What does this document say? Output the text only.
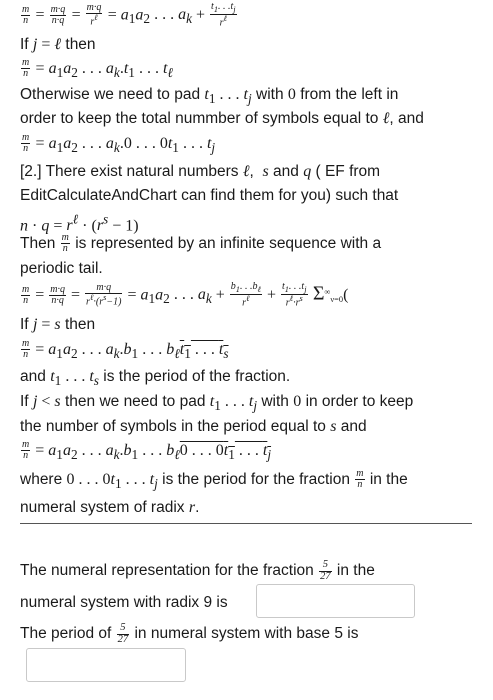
$\frac{m}{n} = \frac{m\cdot q}{n\cdot q} = \frac{m\cdot q}{r^\ell} = a_1a_2$ . . . $a_k + \frac{t_1. . .t_j}{r^\ell}$
If j = ℓ then
$\frac{m}{n} = a_1a_2$ . . . $a_k.t_1$ . . . $t_\ell$
Otherwise we need to pad $t_1$ . . . $t_j$ with 0 from the left in
order to keep the total nummber of symbols equal to ℓ, and
$\frac{m}{n} = a_1a_2$ . . . $a_k.0$ . . . $0t_1$ . . . $t_j$
[2.] There exist natural numbers ℓ,  s and q ( EF from
EditCalculateAndChart can find them for you) such that
$n \cdot q = r^\ell \cdot (r^s - 1)$
Then $\frac{m}{n}$ is represented by an infinite sequence with a
periodic tail.
$\frac{m}{n} = \frac{m\cdot q}{n\cdot q} = \frac{m\cdot q}{r^\ell\cdot(r^s-1)} = a_1a_2$ . . . $a_k + \frac{b_1. . .b_\ell}{r^\ell} + \frac{t_1. . .t_j}{r^\ell\cdot r^s} \Sigma^\infty_{\nu=0}$(
If j = s then
$\frac{m}{n} = a_1a_2$ . . . $a_k.b_1$ . . . $b_\ell t_1$ . . . $t_s$
and $t_1$ . . . $t_s$ is the period of the fraction.
If j < s then we need to pad $t_1$ . . . $t_j$ with 0 in order to keep
the number of symbols in the period equal to s and
$\frac{m}{n} = a_1a_2$ . . . $a_k.b_1$ . . . $b_\ell 0$ . . . $0t_1$ . . . $t_j$
where 0 . . . $0t_1$ . . . $t_j$ is the period for the fraction $\frac{m}{n}$ in the
numeral system of radix r.
The numeral representation for the fraction $\frac{5}{27}$ in the
numeral system with radix 9 is
The period of $\frac{5}{27}$ in numeral system with base 5 is
